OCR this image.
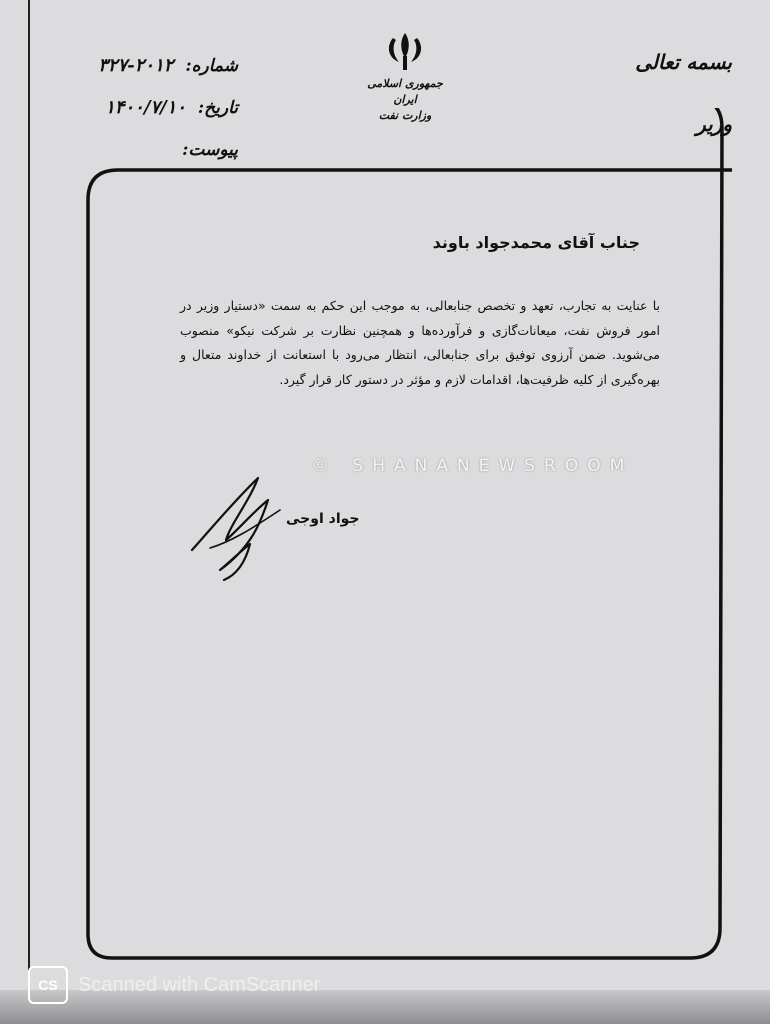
بسمه تعالی
وزیر
جمهوری اسلامی ایران
وزارت نفت
شماره: ۲۰۱۲-۳۲۷
تاریخ: ۱۴۰۰/۷/۱۰
پیوست:
جناب آقای محمدجواد باوند
با عنایت به تجارب، تعهد و تخصص جنابعالی، به موجب این حکم به سمت «دستیار وزیر در امور فروش نفت، میعانات‌گازی و فرآورده‌ها و همچنین نظارت بر شرکت نیکو» منصوب می‌شوید. ضمن آرزوی توفیق برای جنابعالی، انتظار می‌رود با استعانت از خداوند متعال و بهره‌گیری از کلیه ظرفیت‌ها، اقدامات لازم و مؤثر در دستور کار قرار گیرد.
© SHANANEWSROOM
جواد اوجی
CS	Scanned with CamScanner
